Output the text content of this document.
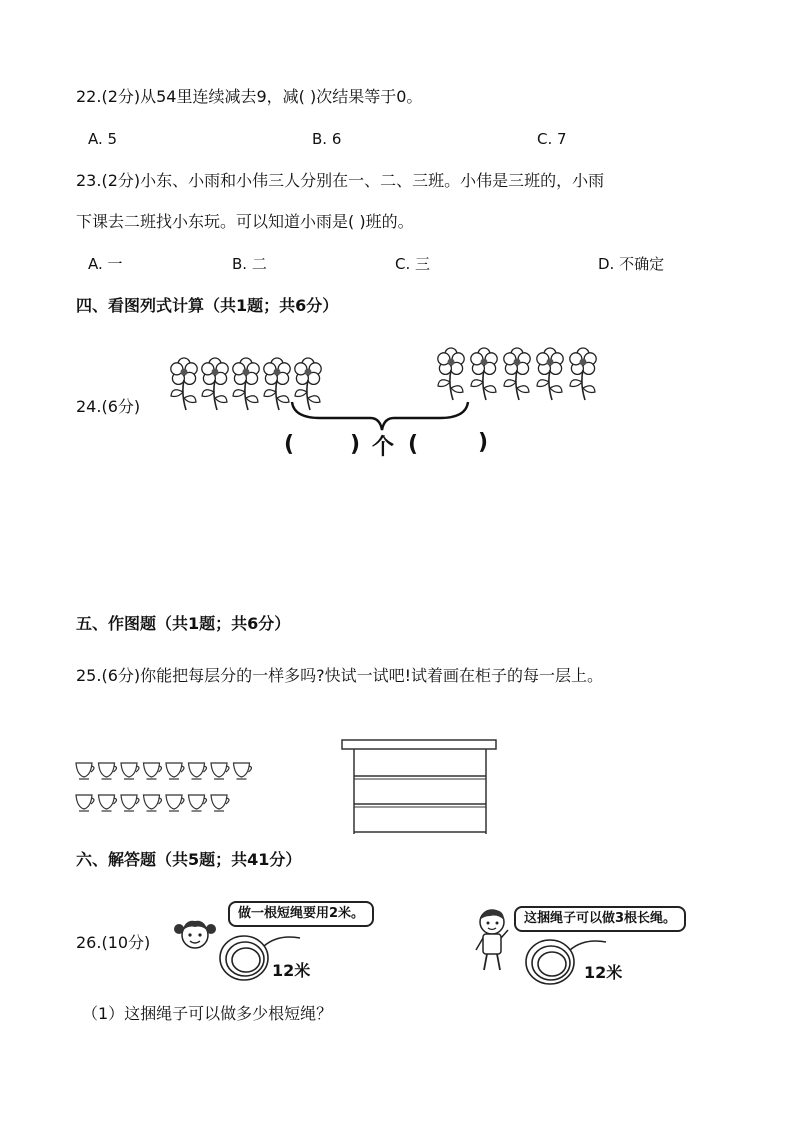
22.(2分)从54里连续减去9，减( )次结果等于0。
A. 5	B. 6	C. 7
23.(2分)小东、小雨和小伟三人分别在一、二、三班。小伟是三班的，小雨
下课去二班找小东玩。可以知道小雨是( )班的。
A. 一	B. 二	C. 三	D. 不确定
四、看图列式计算（共1题；共6分）
24.(6分)
(	) 个 (	)
五、作图题（共1题；共6分）
25.(6分)你能把每层分的一样多吗?快试一试吧!试着画在柜子的每一层上。
六、解答题（共5题；共41分）
26.(10分)
做一根短绳要用2米。
12米
这捆绳子可以做3根长绳。
12米
（1）这捆绳子可以做多少根短绳？
